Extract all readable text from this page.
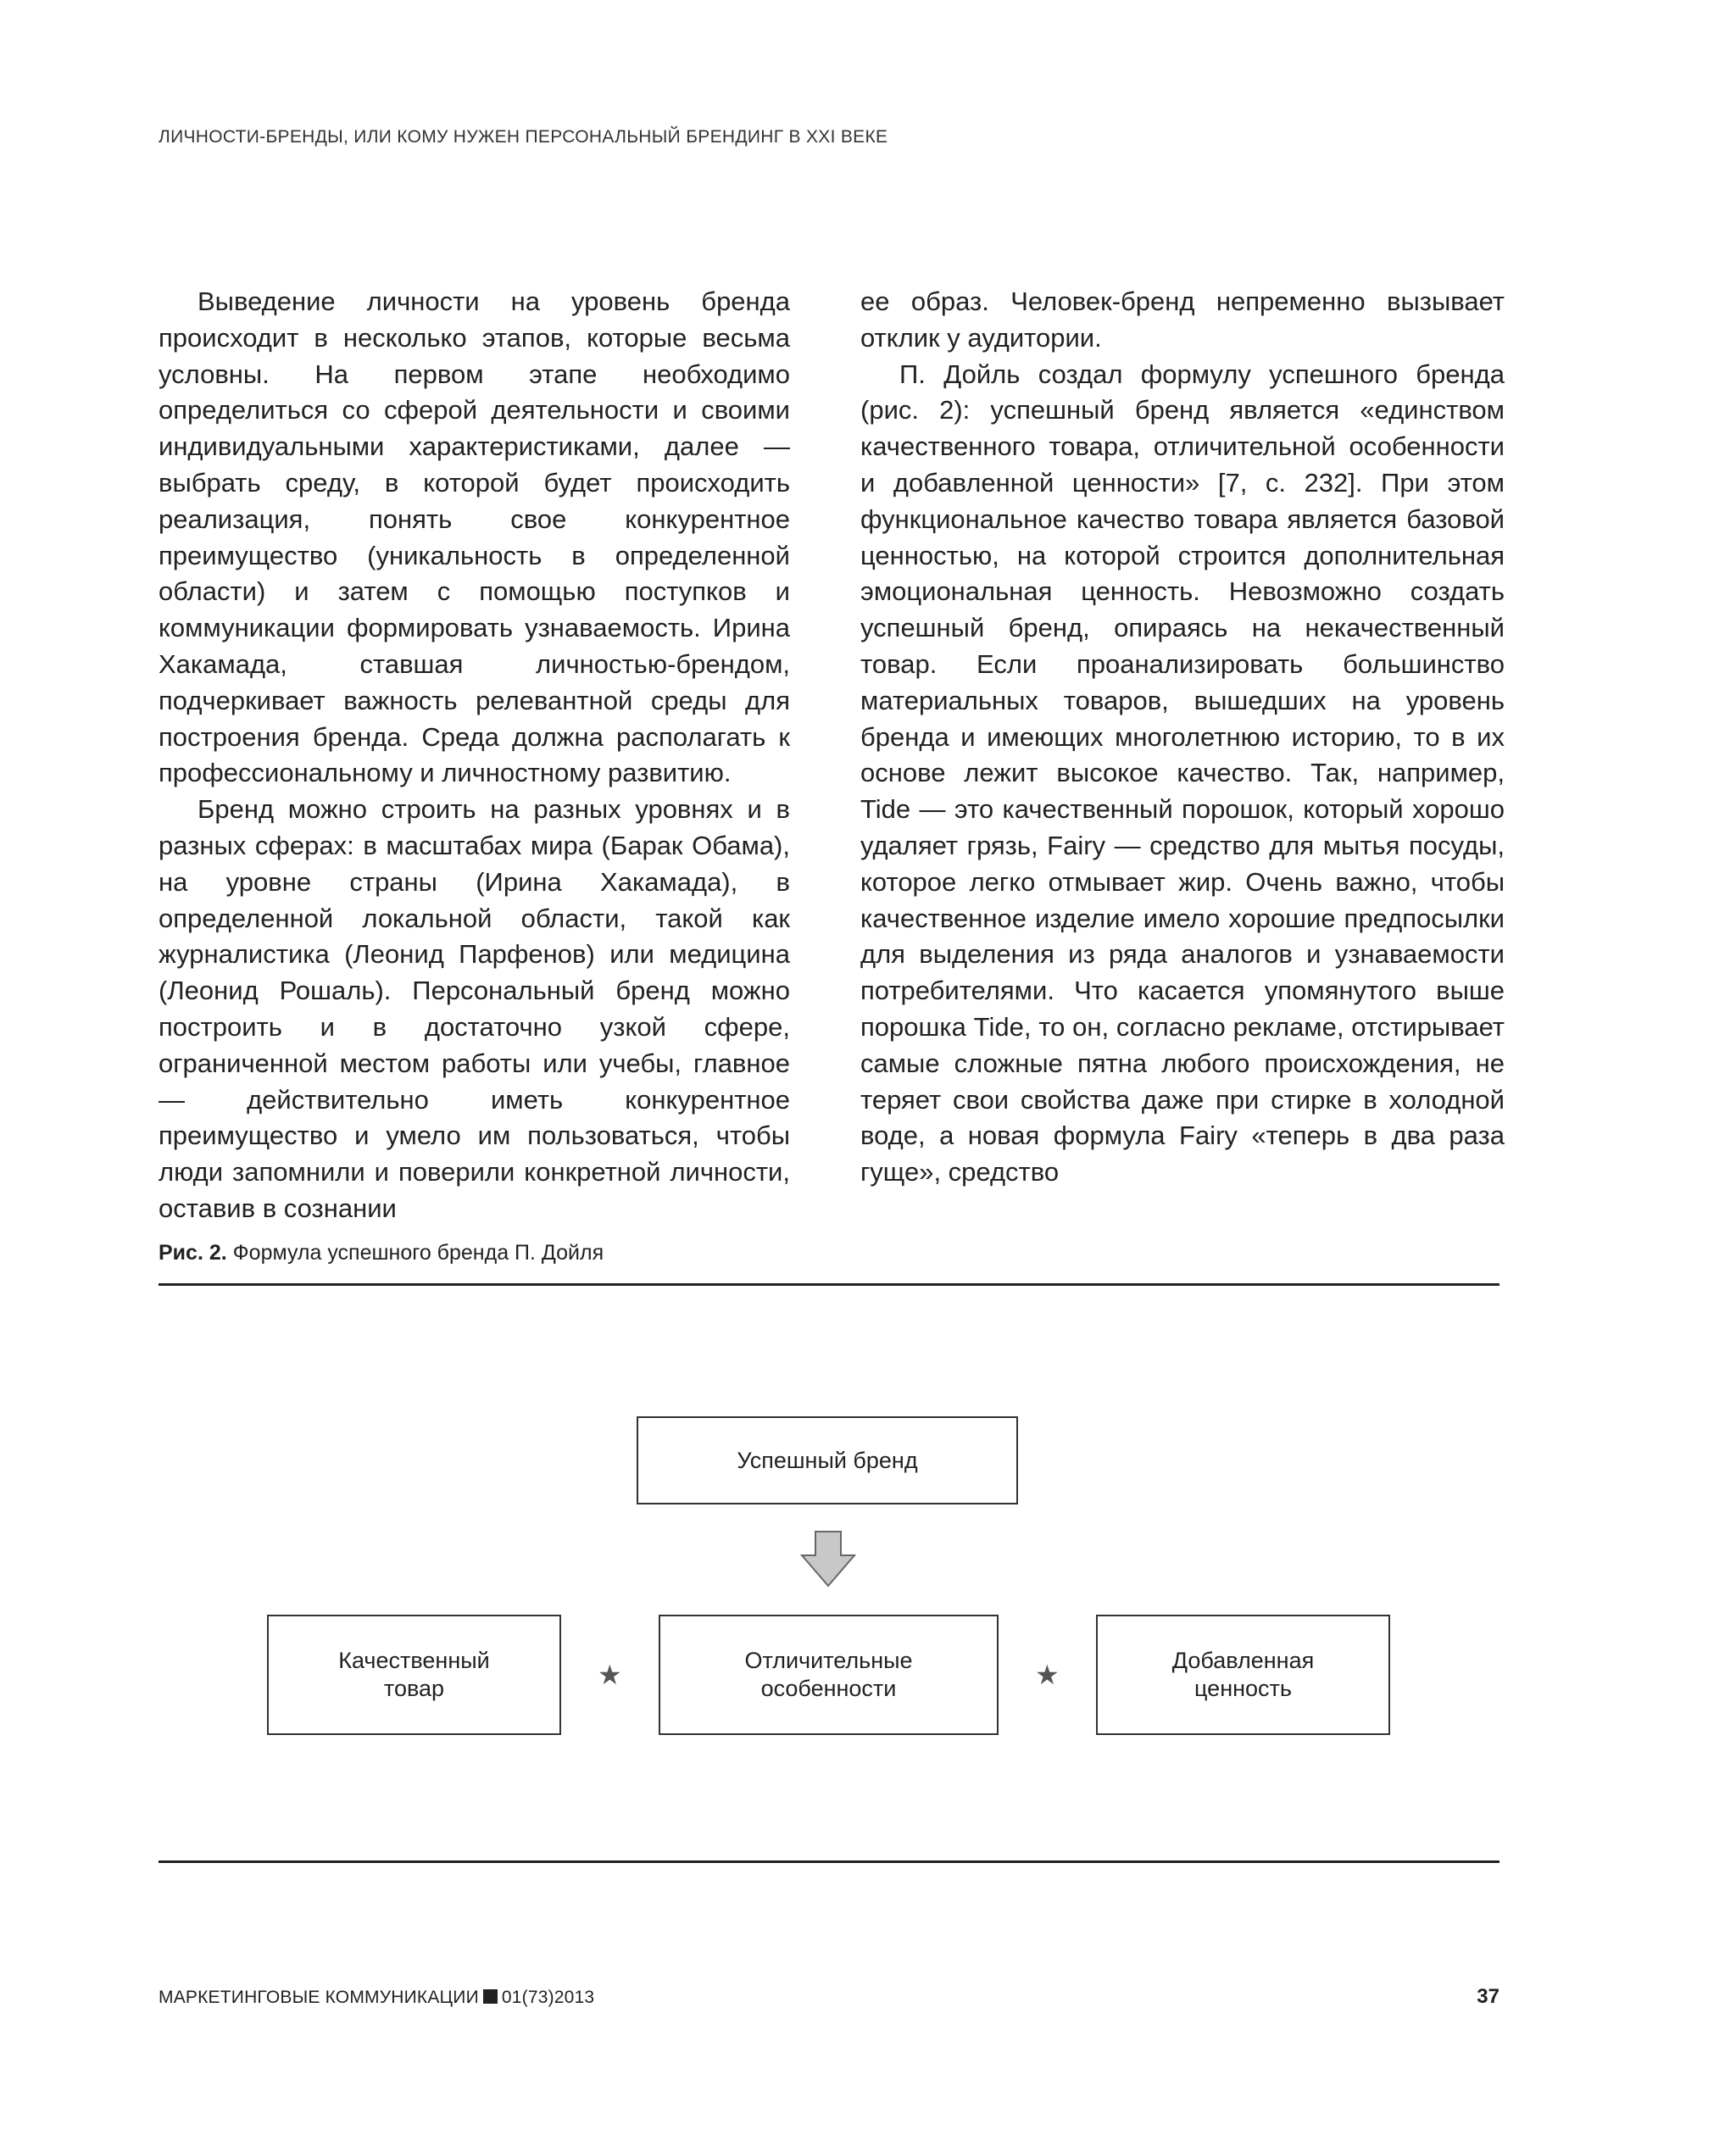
ЛИЧНОСТИ-БРЕНДЫ, ИЛИ КОМУ НУЖЕН ПЕРСОНАЛЬНЫЙ БРЕНДИНГ В XXI ВЕКЕ

Выведение личности на уровень бренда происходит в несколько этапов, которые весьма условны. На первом этапе необходимо определиться со сферой деятельности и своими индивидуальными характеристиками, далее — выбрать среду, в которой будет происходить реализация, понять свое конкурентное преимущество (уникальность в определенной области) и затем с помощью поступков и коммуникации формировать узнаваемость. Ирина Хакамада, ставшая личностью-брендом, подчеркивает важность релевантной среды для построения бренда. Среда должна располагать к профессиональному и личностному развитию.

Бренд можно строить на разных уровнях и в разных сферах: в масштабах мира (Барак Обама), на уровне страны (Ирина Хакамада), в определенной локальной области, такой как журналистика (Леонид Парфенов) или медицина (Леонид Рошаль). Персональный бренд можно построить и в достаточно узкой сфере, ограниченной местом работы или учебы, главное — действительно иметь конкурентное преимущество и умело им пользоваться, чтобы люди запомнили и поверили конкретной личности, оставив в сознании

ее образ. Человек-бренд непременно вызывает отклик у аудитории.

П. Дойль создал формулу успешного бренда (рис. 2): успешный бренд является «единством качественного товара, отличительной особенности и добавленной ценности» [7, с. 232]. При этом функциональное качество товара является базовой ценностью, на которой строится дополнительная эмоциональная ценность. Невозможно создать успешный бренд, опираясь на некачественный товар. Если проанализировать большинство материальных товаров, вышедших на уровень бренда и имеющих многолетнюю историю, то в их основе лежит высокое качество. Так, например, Tide — это качественный порошок, который хорошо удаляет грязь, Fairy — средство для мытья посуды, которое легко отмывает жир. Очень важно, чтобы качественное изделие имело хорошие предпосылки для выделения из ряда аналогов и узнаваемости потребителями. Что касается упомянутого выше порошка Tide, то он, согласно рекламе, отстирывает самые сложные пятна любого происхождения, не теряет свои свойства даже при стирке в холодной воде, а новая формула Fairy «теперь в два раза гуще», средство

Рис. 2. Формула успешного бренда П. Дойля
Успешный бренд
Качественный
товар	★	Отличительные
особенности	★	Добавленная
ценность
МАРКЕТИНГОВЫЕ КОММУНИКАЦИИ 01(73)2013	37
